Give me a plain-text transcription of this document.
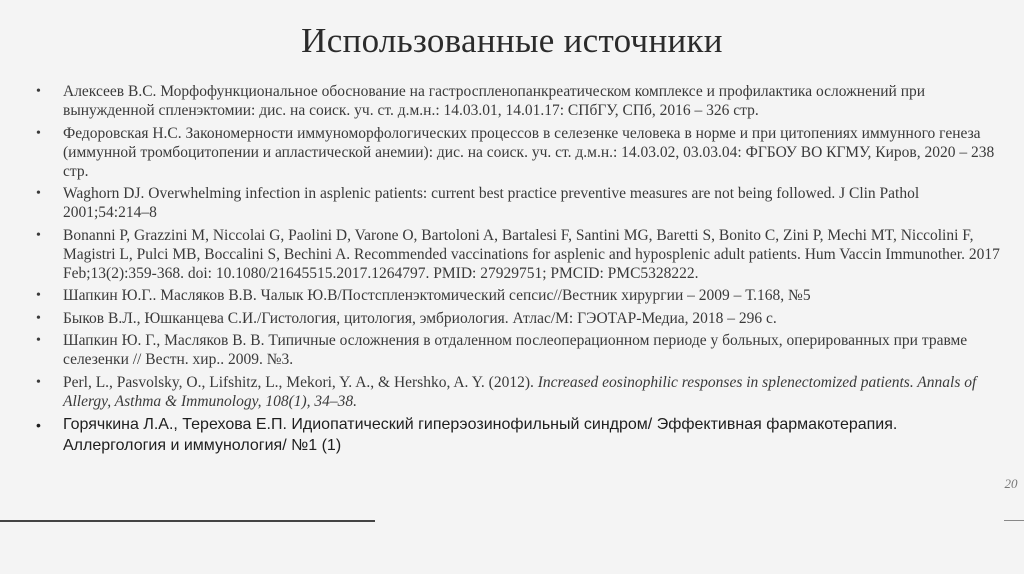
Использованные источники
• Алексеев В.С. Морфофункциональное обоснование на гастроспленопанкреатическом комплексе и профилактика осложнений при вынужденной спленэктомии: дис. на соиск. уч. ст. д.м.н.: 14.03.01, 14.01.17: СПбГУ, СПб, 2016 – 326 стр.
• Федоровская Н.С. Закономерности иммуноморфологических процессов в селезенке человека в норме и при цитопениях иммунного генеза (иммунной тромбоцитопении и апластической анемии): дис. на соиск. уч. ст. д.м.н.: 14.03.02, 03.03.04: ФГБОУ ВО КГМУ, Киров, 2020 – 238 стр.
• Waghorn DJ. Overwhelming infection in asplenic patients: current best practice preventive measures are not being followed. J Clin Pathol 2001;54:214–8
• Bonanni P, Grazzini M, Niccolai G, Paolini D, Varone O, Bartoloni A, Bartalesi F, Santini MG, Baretti S, Bonito C, Zini P, Mechi MT, Niccolini F, Magistri L, Pulci MB, Boccalini S, Bechini A. Recommended vaccinations for asplenic and hyposplenic adult patients. Hum Vaccin Immunother. 2017 Feb;13(2):359-368. doi: 10.1080/21645515.2017.1264797. PMID: 27929751; PMCID: PMC5328222.
• Шапкин Ю.Г.. Масляков В.В. Чалык Ю.В/Постспленэктомический сепсис//Вестник хирургии – 2009 – Т.168, №5
• Быков В.Л., Юшканцева С.И./Гистология, цитология, эмбриология. Атлас/М: ГЭОТАР-Медиа, 2018 – 296 с.
• Шапкин Ю. Г., Масляков В. В. Типичные осложнения в отдаленном послеоперационном периоде у больных, оперированных при травме селезенки // Вестн. хир.. 2009. №3.
• Perl, L., Pasvolsky, O., Lifshitz, L., Mekori, Y. A., & Hershko, A. Y. (2012). Increased eosinophilic responses in splenectomized patients. Annals of Allergy, Asthma & Immunology, 108(1), 34–38.
• Горячкина Л.А., Терехова Е.П. Идиопатический гиперэозинофильный синдром/ Эффективная фармакотерапия. Аллергология и иммунология/ №1 (1)
20
